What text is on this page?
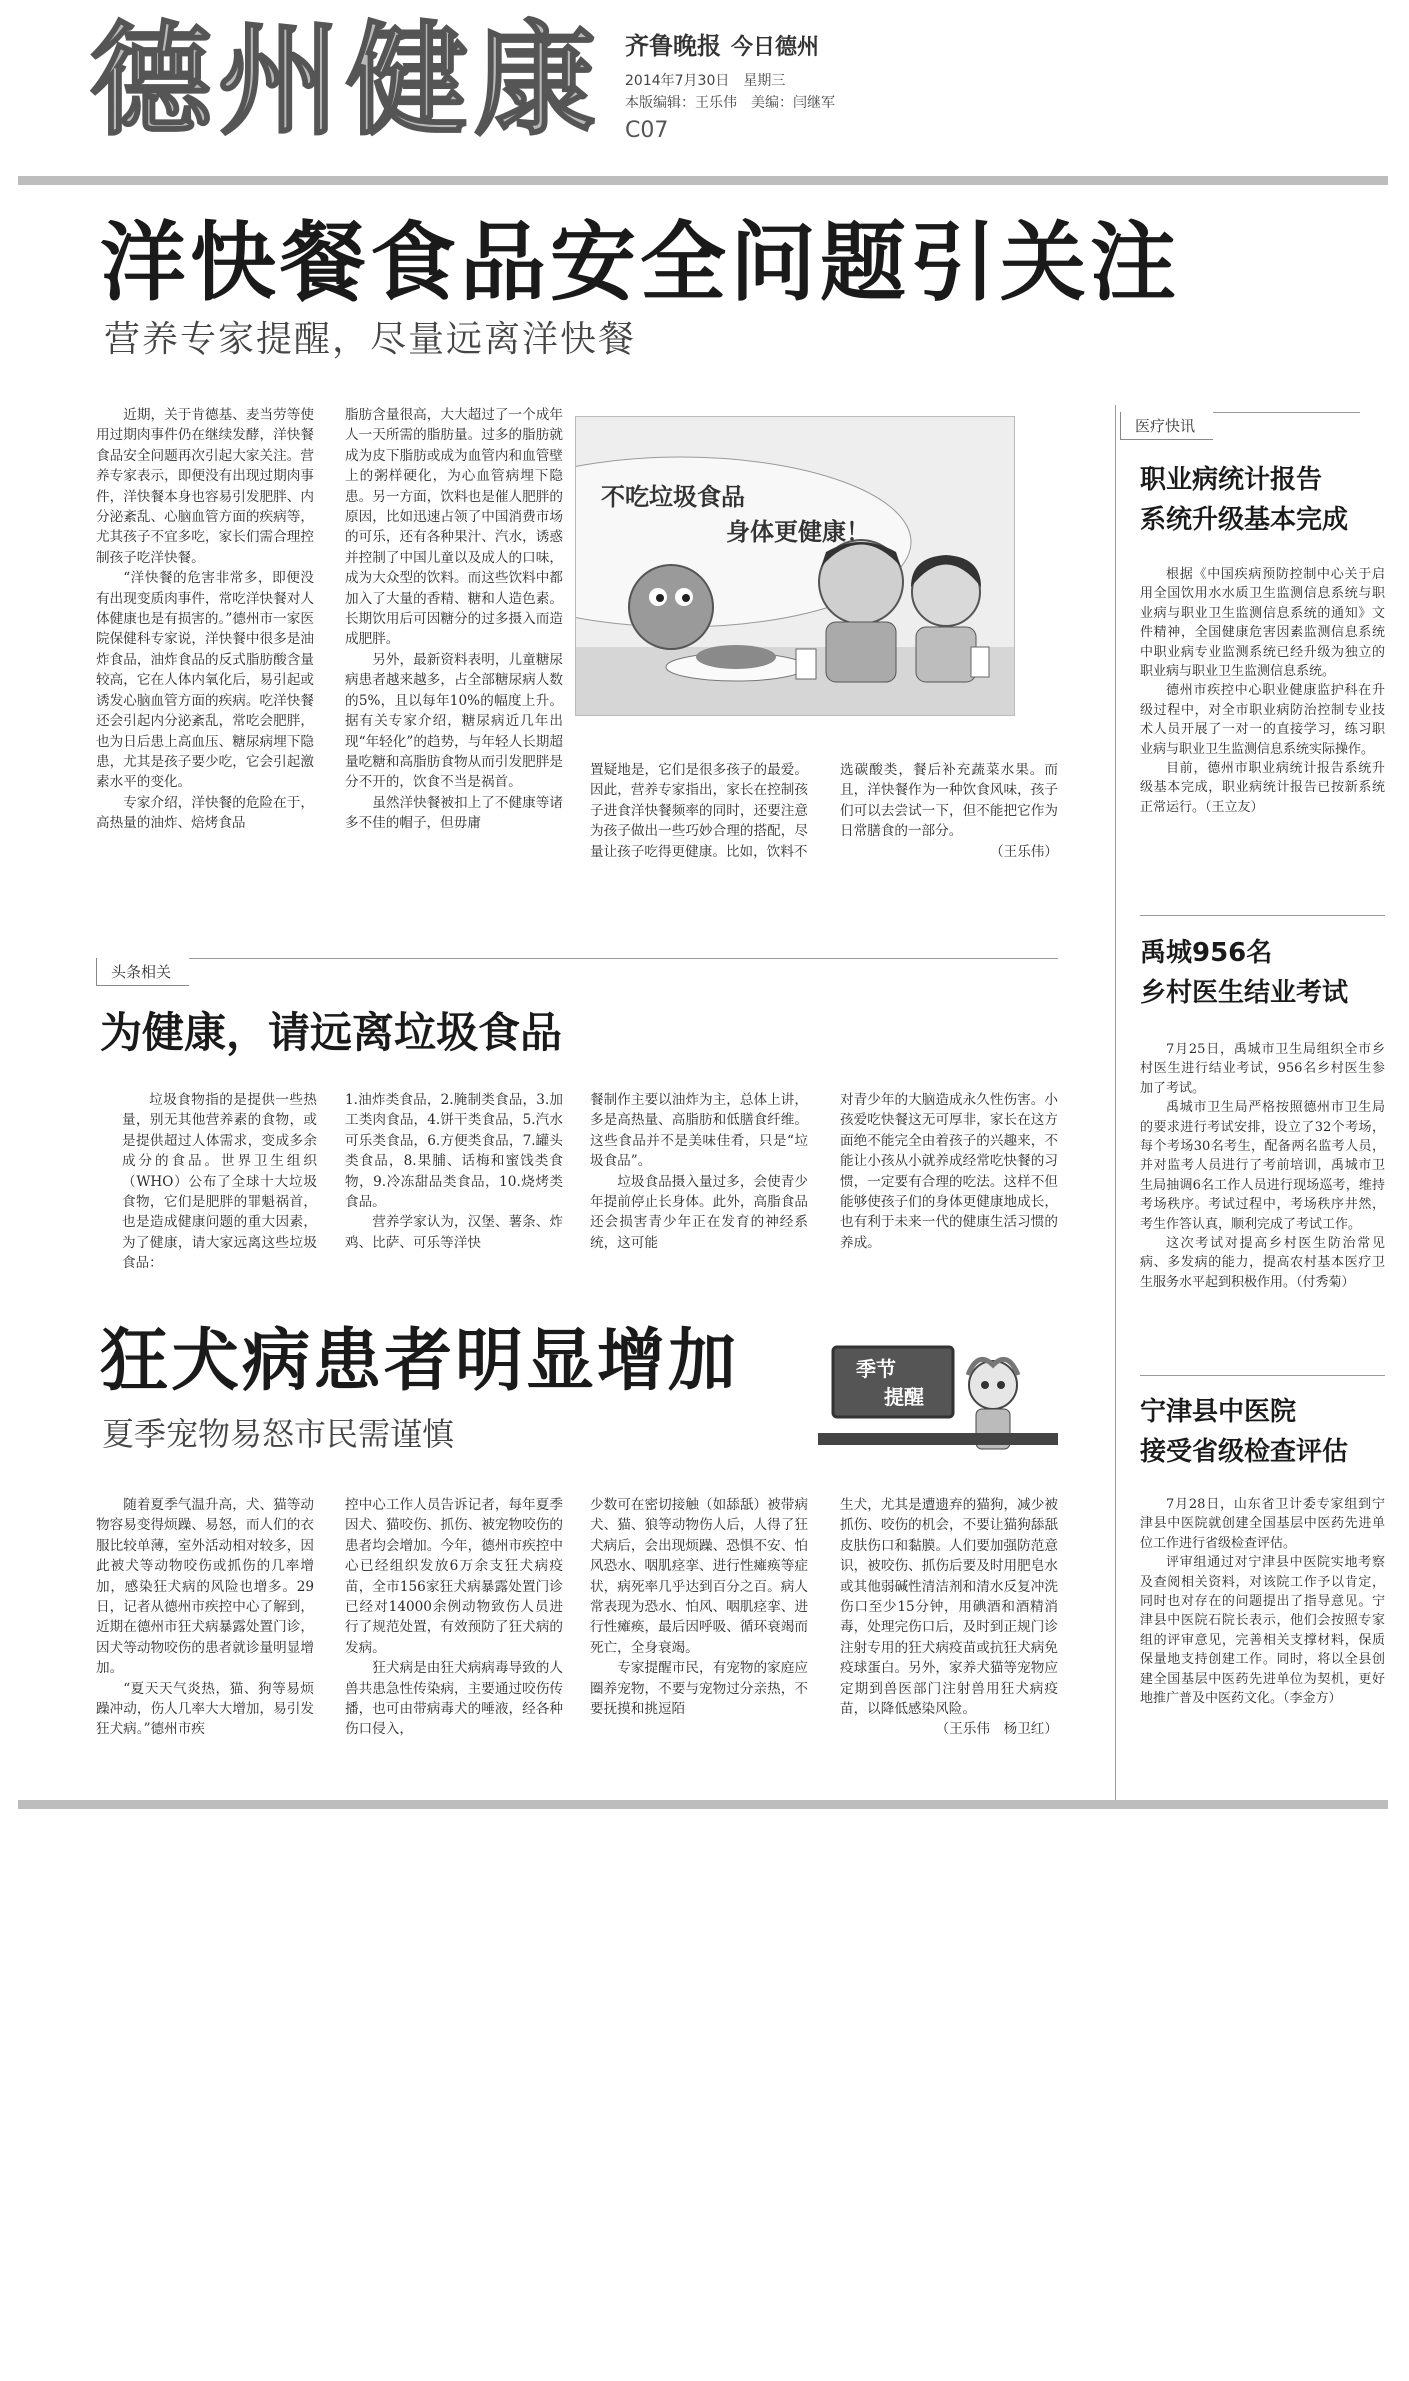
德州健康 齐鲁晚报 今日德州
2014年7月30日　星期三
本版编辑：王乐伟　美编：闫继军
C07
洋快餐食品安全问题引关注
营养专家提醒，尽量远离洋快餐

近期，关于肯德基、麦当劳等使用过期肉事件仍在继续发酵，洋快餐食品安全问题再次引起大家关注。营养专家表示，即便没有出现过期肉事件，洋快餐本身也容易引发肥胖、内分泌紊乱、心脑血管方面的疾病等，尤其孩子不宜多吃，家长们需合理控制孩子吃洋快餐。

“洋快餐的危害非常多，即便没有出现变质肉事件，常吃洋快餐对人体健康也是有损害的。”德州市一家医院保健科专家说，洋快餐中很多是油炸食品，油炸食品的反式脂肪酸含量较高，它在人体内氧化后，易引起或诱发心脑血管方面的疾病。吃洋快餐还会引起内分泌紊乱，常吃会肥胖，也为日后患上高血压、糖尿病埋下隐患，尤其是孩子要少吃，它会引起激素水平的变化。

专家介绍，洋快餐的危险在于，高热量的油炸、焙烤食品

脂肪含量很高，大大超过了一个成年人一天所需的脂肪量。过多的脂肪就成为皮下脂肪或成为血管内和血管壁上的粥样硬化，为心血管病埋下隐患。另一方面，饮料也是催人肥胖的原因，比如迅速占领了中国消费市场的可乐，还有各种果汁、汽水，诱惑并控制了中国儿童以及成人的口味，成为大众型的饮料。而这些饮料中都加入了大量的香精、糖和人造色素。长期饮用后可因糖分的过多摄入而造成肥胖。

另外，最新资料表明，儿童糖尿病患者越来越多，占全部糖尿病人数的5%，且以每年10%的幅度上升。据有关专家介绍，糖尿病近几年出现“年轻化”的趋势，与年轻人长期超量吃糖和高脂肪食物从而引发肥胖是分不开的，饮食不当是祸首。

虽然洋快餐被扣上了不健康等诸多不佳的帽子，但毋庸

不吃垃圾食品
身体更健康！

置疑地是，它们是很多孩子的最爱。因此，营养专家指出，家长在控制孩子进食洋快餐频率的同时，还要注意为孩子做出一些巧妙合理的搭配，尽量让孩子吃得更健康。比如，饮料不

选碳酸类，餐后补充蔬菜水果。而且，洋快餐作为一种饮食风味，孩子们可以去尝试一下，但不能把它作为日常膳食的一部分。

（王乐伟）

头条相关
为健康，请远离垃圾食品

垃圾食物指的是提供一些热量，别无其他营养素的食物，或是提供超过人体需求，变成多余成分的食品。世界卫生组织（WHO）公布了全球十大垃圾食物，它们是肥胖的罪魁祸首，也是造成健康问题的重大因素，为了健康，请大家远离这些垃圾食品：

1.油炸类食品，2.腌制类食品，3.加工类肉食品，4.饼干类食品，5.汽水可乐类食品，6.方便类食品，7.罐头类食品，8.果脯、话梅和蜜饯类食物，9.冷冻甜品类食品，10.烧烤类食品。

营养学家认为，汉堡、薯条、炸鸡、比萨、可乐等洋快

餐制作主要以油炸为主，总体上讲，多是高热量、高脂肪和低膳食纤维。这些食品并不是美味佳肴，只是“垃圾食品”。

垃圾食品摄入量过多，会使青少年提前停止长身体。此外，高脂食品还会损害青少年正在发育的神经系统，这可能

对青少年的大脑造成永久性伤害。小孩爱吃快餐这无可厚非，家长在这方面绝不能完全由着孩子的兴趣来，不能让小孩从小就养成经常吃快餐的习惯，一定要有合理的吃法。这样不但能够使孩子们的身体更健康地成长，也有利于未来一代的健康生活习惯的养成。

狂犬病患者明显增加
夏季宠物易怒市民需谨慎
季节
提醒

随着夏季气温升高，犬、猫等动物容易变得烦躁、易怒，而人们的衣服比较单薄，室外活动相对较多，因此被犬等动物咬伤或抓伤的几率增加，感染狂犬病的风险也增多。29日，记者从德州市疾控中心了解到，近期在德州市狂犬病暴露处置门诊，因犬等动物咬伤的患者就诊量明显增加。

“夏天天气炎热，猫、狗等易烦躁冲动，伤人几率大大增加，易引发狂犬病。”德州市疾

控中心工作人员告诉记者，每年夏季因犬、猫咬伤、抓伤、被宠物咬伤的患者均会增加。今年，德州市疾控中心已经组织发放6万余支狂犬病疫苗，全市156家狂犬病暴露处置门诊已经对14000余例动物致伤人员进行了规范处置，有效预防了狂犬病的发病。

狂犬病是由狂犬病病毒导致的人兽共患急性传染病，主要通过咬伤传播，也可由带病毒犬的唾液，经各种伤口侵入，

少数可在密切接触（如舔舐）被带病犬、猫、狼等动物伤人后，人得了狂犬病后，会出现烦躁、恐惧不安、怕风恐水、咽肌痉挛、进行性瘫痪等症状，病死率几乎达到百分之百。病人常表现为恐水、怕风、咽肌痉挛、进行性瘫痪，最后因呼吸、循环衰竭而死亡，全身衰竭。

专家提醒市民，有宠物的家庭应圈养宠物，不要与宠物过分亲热，不要抚摸和挑逗陌

生犬，尤其是遭遗弃的猫狗，减少被抓伤、咬伤的机会，不要让猫狗舔舐皮肤伤口和黏膜。人们要加强防范意识，被咬伤、抓伤后要及时用肥皂水或其他弱碱性清洁剂和清水反复冲洗伤口至少15分钟，用碘酒和酒精消毒，处理完伤口后，及时到正规门诊注射专用的狂犬病疫苗或抗狂犬病免疫球蛋白。另外，家养犬猫等宠物应定期到兽医部门注射兽用狂犬病疫苗，以降低感染风险。

（王乐伟　杨卫红）

医疗快讯
职业病统计报告
系统升级基本完成

根据《中国疾病预防控制中心关于启用全国饮用水水质卫生监测信息系统与职业病与职业卫生监测信息系统的通知》文件精神，全国健康危害因素监测信息系统中职业病专业监测系统已经升级为独立的职业病与职业卫生监测信息系统。

德州市疾控中心职业健康监护科在升级过程中，对全市职业病防治控制专业技术人员开展了一对一的直接学习，练习职业病与职业卫生监测信息系统实际操作。

目前，德州市职业病统计报告系统升级基本完成，职业病统计报告已按新系统正常运行。（王立友）

禹城956名
乡村医生结业考试

7月25日，禹城市卫生局组织全市乡村医生进行结业考试，956名乡村医生参加了考试。

禹城市卫生局严格按照德州市卫生局的要求进行考试安排，设立了32个考场，每个考场30名考生，配备两名监考人员，并对监考人员进行了考前培训，禹城市卫生局抽调6名工作人员进行现场巡考，维持考场秩序。考试过程中，考场秩序井然，考生作答认真，顺利完成了考试工作。

这次考试对提高乡村医生防治常见病、多发病的能力，提高农村基本医疗卫生服务水平起到积极作用。（付秀菊）

宁津县中医院
接受省级检查评估

7月28日，山东省卫计委专家组到宁津县中医院就创建全国基层中医药先进单位工作进行省级检查评估。

评审组通过对宁津县中医院实地考察及查阅相关资料，对该院工作予以肯定，同时也对存在的问题提出了指导意见。宁津县中医院石院长表示，他们会按照专家组的评审意见，完善相关支撑材料，保质保量地支持创建工作。同时，将以全县创建全国基层中医药先进单位为契机，更好地推广普及中医药文化。（李金方）
